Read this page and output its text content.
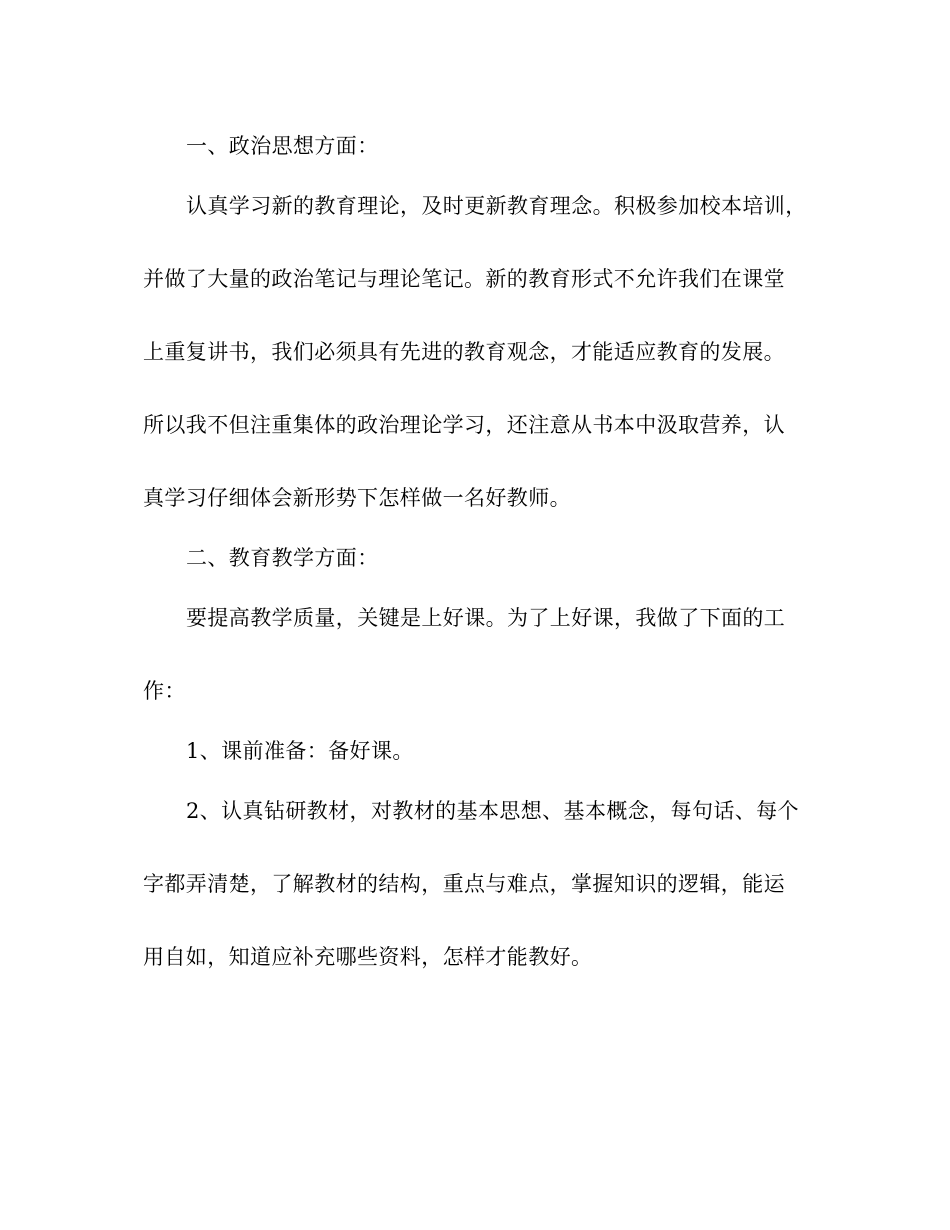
一、政治思想方面：
认真学习新的教育理论，及时更新教育理念。积极参加校本培训，
并做了大量的政治笔记与理论笔记。新的教育形式不允许我们在课堂
上重复讲书，我们必须具有先进的教育观念，才能适应教育的发展。
所以我不但注重集体的政治理论学习，还注意从书本中汲取营养，认
真学习仔细体会新形势下怎样做一名好教师。
二、教育教学方面：
要提高教学质量，关键是上好课。为了上好课，我做了下面的工
作：
1、课前准备：备好课。
2、认真钻研教材，对教材的基本思想、基本概念，每句话、每个
字都弄清楚，了解教材的结构，重点与难点，掌握知识的逻辑，能运
用自如，知道应补充哪些资料，怎样才能教好。
